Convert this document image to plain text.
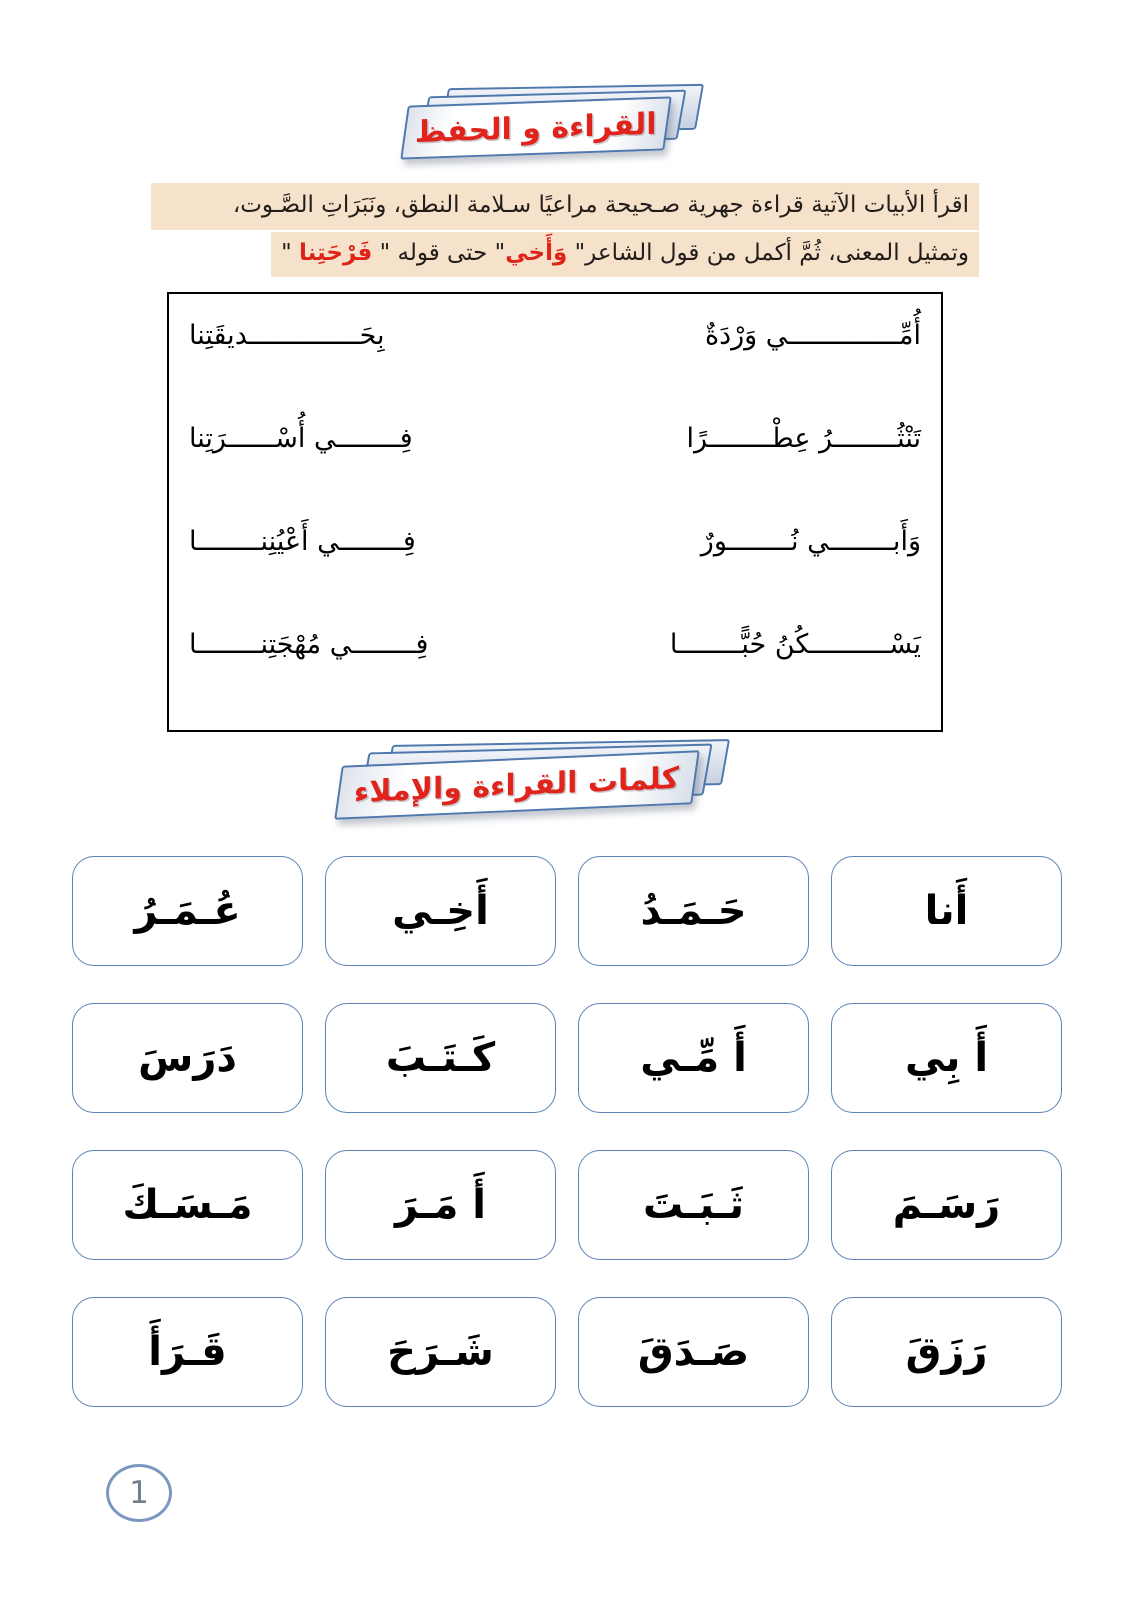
القراءة و الحفظ
اقرأ الأبيات الآتية قراءة جهرية صـحيحة مراعيًا سـلامة النطق، ونَبَرَاتِ الصَّـوت،
وتمثيل المعنى، ثُمَّ أكمل من قول الشاعر" وَأَخي" حتى قوله " فَرْحَتِنا "
أُمِّــــــــــــــي وَرْدَةٌ
بِحَــــــــــــــديقَتِنا
تَنْثُــــــــرُ عِطْــــــــرًا
فِــــــــي أُسْــــــرَتِنا
وَأَبــــــــي نُــــــــورٌ
فِــــــــي أَعْيُنِنــــــــا
يَسْــــــــــكُنُ حُبًّــــــــا
فِــــــــي مُهْجَتِنــــــــا
كلمات القراءة والإملاء
أَنا
حَـمَـدُ
أَخِـي
عُـمَـرُ
أَ بِي
أَ مِّـي
كَـتَـبَ
دَرَسَ
رَسَـمَ
ثَـبَـتَ
أَ مَـرَ
مَـسَـكَ
رَزَقَ
صَـدَقَ
شَـرَحَ
قَـرَأَ
1
